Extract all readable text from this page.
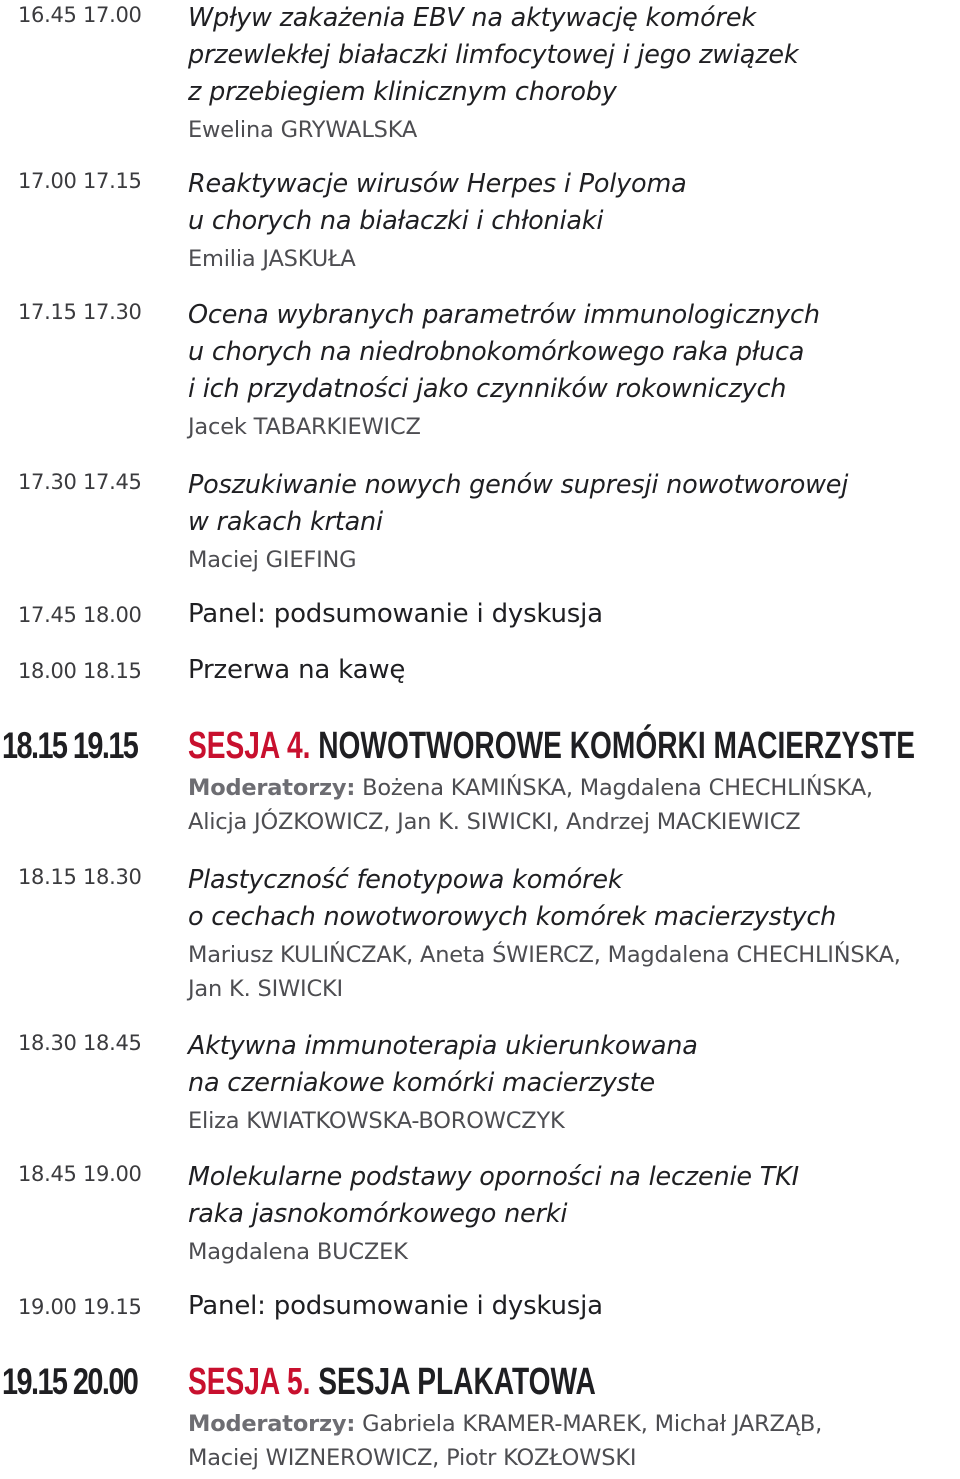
16.45 17.00 Wpływ zakażenia EBV na aktywację komórek
przewlekłej białaczki limfocytowej i jego związek
z przebiegiem klinicznym choroby
Ewelina GRYWALSKA
17.00 17.15 Reaktywacje wirusów Herpes i Polyoma
u chorych na białaczki i chłoniaki
Emilia JASKUŁA
17.15 17.30 Ocena wybranych parametrów immunologicznych
u chorych na niedrobnokomórkowego raka płuca
i ich przydatności jako czynników rokowniczych
Jacek TABARKIEWICZ
17.30 17.45 Poszukiwanie nowych genów supresji nowotworowej
w rakach krtani
Maciej GIEFING
17.45 18.00 Panel: podsumowanie i dyskusja
18.00 18.15 Przerwa na kawę
18.15 19.15 SESJA 4. NOWOTWOROWE KOMÓRKI MACIERZYSTE
Moderatorzy: Bożena KAMIŃSKA, Magdalena CHECHLIŃSKA,
Alicja JÓZKOWICZ, Jan K. SIWICKI, Andrzej MACKIEWICZ
18.15 18.30 Plastyczność fenotypowa komórek
o cechach nowotworowych komórek macierzystych
Mariusz KULIŃCZAK, Aneta ŚWIERCZ, Magdalena CHECHLIŃSKA,
Jan K. SIWICKI
18.30 18.45 Aktywna immunoterapia ukierunkowana
na czerniakowe komórki macierzyste
Eliza KWIATKOWSKA-BOROWCZYK
18.45 19.00 Molekularne podstawy oporności na leczenie TKI
raka jasnokomórkowego nerki
Magdalena BUCZEK
19.00 19.15 Panel: podsumowanie i dyskusja
19.15 20.00 SESJA 5. SESJA PLAKATOWA
Moderatorzy: Gabriela KRAMER-MAREK, Michał JARZĄB,
Maciej WIZNEROWICZ, Piotr KOZŁOWSKI
